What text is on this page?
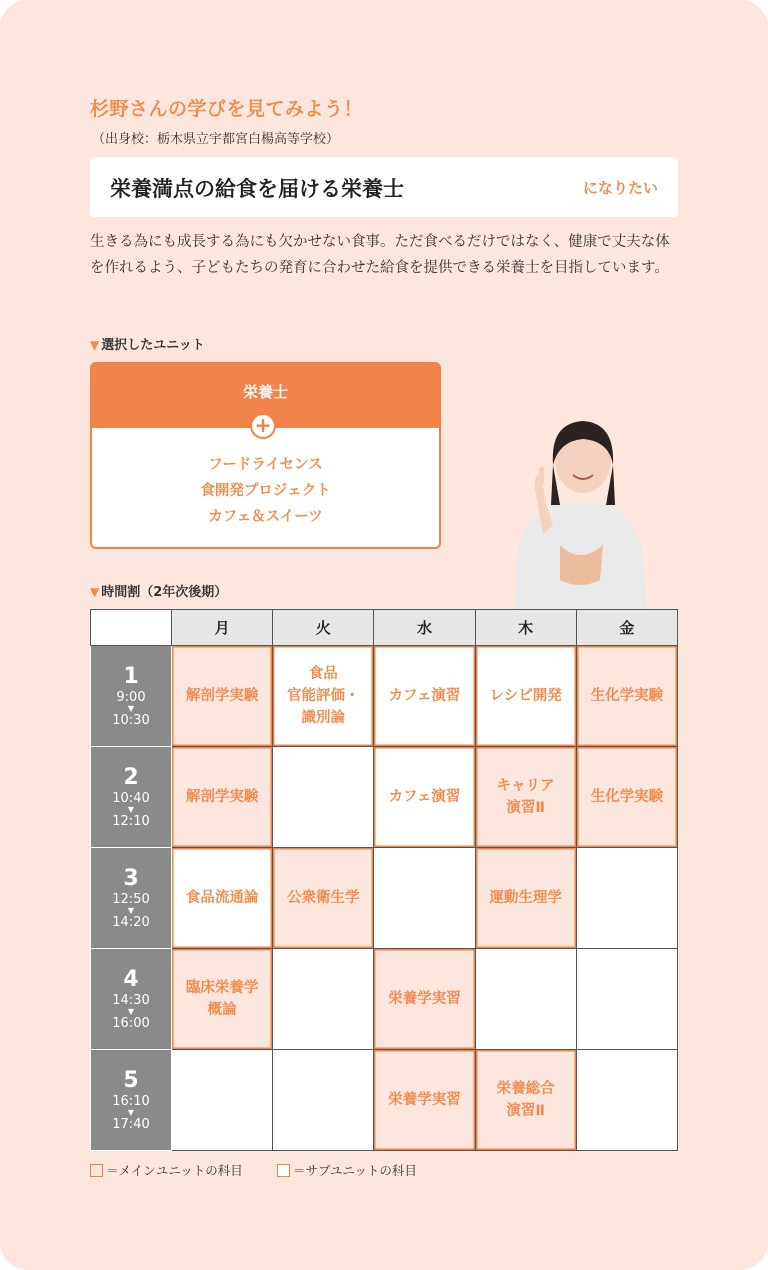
杉野さんの学びを見てみよう！
（出身校：栃木県立宇都宮白楊高等学校）
栄養満点の給食を届ける栄養士	になりたい
生きる為にも成長する為にも欠かせない食事。ただ食べるだけではなく、健康で丈夫な体を作れるよう、子どもたちの発育に合わせた給食を提供できる栄養士を目指しています。
▼ 選択したユニット
栄養士
フードライセンス
食開発プロジェクト
カフェ＆スイーツ
+
▼ 時間割（2年次後期）
	月	火	水	木	金

1
9:00
▼
10:30	解剖学実験	食品
官能評価・
識別論	カフェ演習	レシピ開発	生化学実験

2
10:40
▼
12:10	解剖学実験		カフェ演習	キャリア
演習Ⅱ	生化学実験

3
12:50
▼
14:20	食品流通論	公衆衛生学		運動生理学	

4
14:30
▼
16:00	臨床栄養学
概論		栄養学実習		

5
16:10
▼
17:40			栄養学実習	栄養総合
演習Ⅱ	
＝メインユニットの科目	＝サブユニットの科目
